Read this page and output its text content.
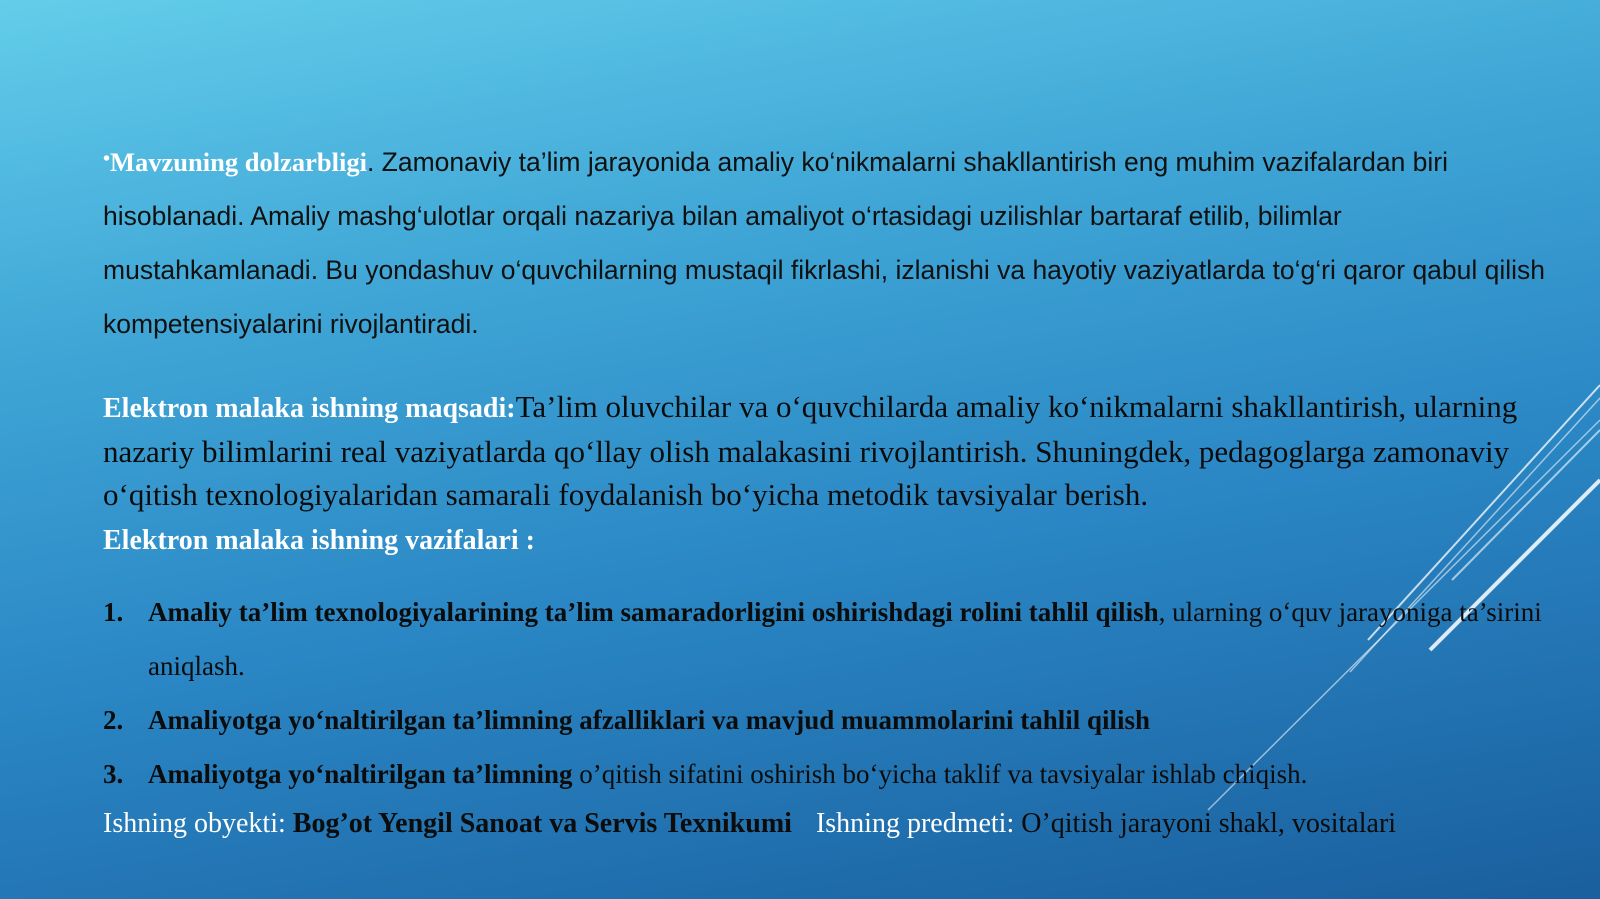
•Mavzuning dolzarbligi. Zamonaviy ta’lim jarayonida amaliy ko‘nikmalarni shakllantirish eng muhim vazifalardan biri hisoblanadi. Amaliy mashg‘ulotlar orqali nazariya bilan amaliyot o‘rtasidagi uzilishlar bartaraf etilib, bilimlar mustahkamlanadi. Bu yondashuv o‘quvchilarning mustaqil fikrlashi, izlanishi va hayotiy vaziyatlarda to‘g‘ri qaror qabul qilish kompetensiyalarini rivojlantiradi.
Elektron malaka ishning maqsadi:Ta’lim oluvchilar va o‘quvchilarda amaliy ko‘nikmalarni shakllantirish, ularning nazariy bilimlarini real vaziyatlarda qo‘llay olish malakasini rivojlantirish. Shuningdek, pedagoglarga zamonaviy o‘qitish texnologiyalaridan samarali foydalanish bo‘yicha metodik tavsiyalar berish.
Elektron malaka ishning vazifalari :
1. Amaliy ta’lim texnologiyalarining ta’lim samaradorligini oshirishdagi rolini tahlil qilish, ularning o‘quv jarayoniga ta’sirini aniqlash.
2. Amaliyotga yo‘naltirilgan ta’limning afzalliklari va mavjud muammolarini tahlil qilish
3. Amaliyotga yo‘naltirilgan ta’limning o’qitish sifatini oshirish bo‘yicha taklif va tavsiyalar ishlab chiqish.
Ishning obyekti: Bog’ot Yengil Sanoat va Servis Texnikumi Ishning predmeti: O’qitish jarayoni shakl, vositalari
